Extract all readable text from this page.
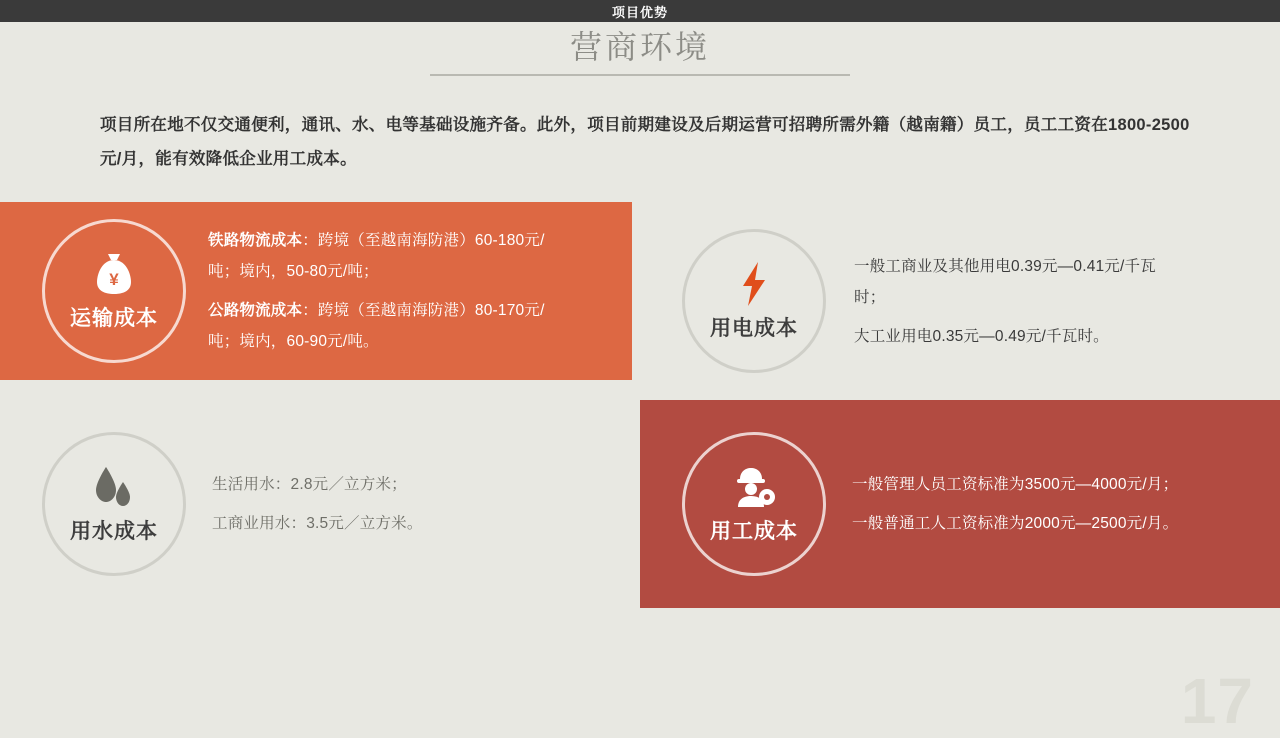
项目优势
营商环境
项目所在地不仅交通便利，通讯、水、电等基础设施齐备。此外，项目前期建设及后期运营可招聘所需外籍（越南籍）员工，员工工资在1800-2500元/月，能有效降低企业用工成本。
¥
运输成本

铁路物流成本：跨境（至越南海防港）60-180元/吨；境内，50-80元/吨；

公路物流成本：跨境（至越南海防港）80-170元/吨；境内，60-90元/吨。

用电成本

一般工商业及其他用电0.39元—0.41元/千瓦时；

大工业用电0.35元—0.49元/千瓦时。

用水成本

生活用水：2.8元／立方米；

工商业用水：3.5元／立方米。	用工成本

一般管理人员工资标准为3500元—4000元/月；

一般普通工人工资标准为2000元—2500元/月。

17
